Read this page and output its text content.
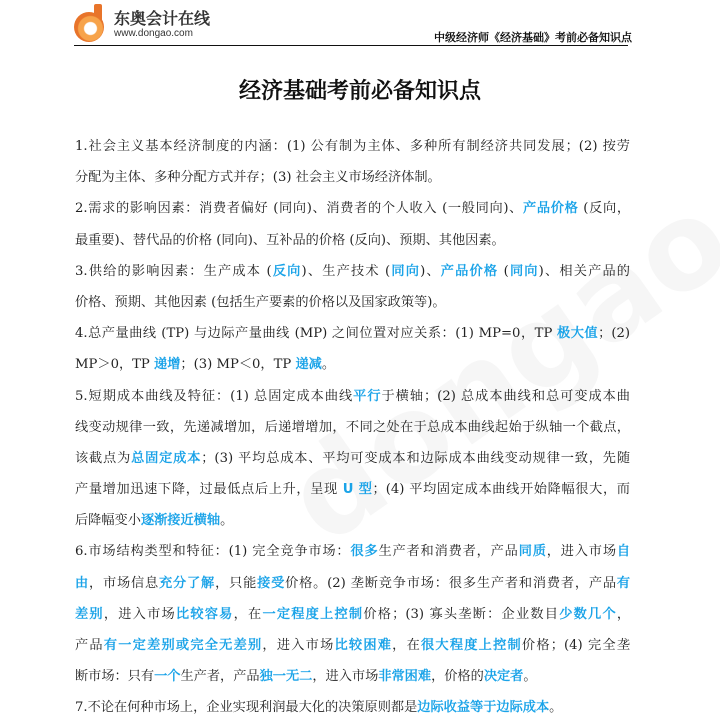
东奥会计在线
www.dongao.com	中级经济师《经济基础》考前必备知识点
经济基础考前必备知识点
1.社会主义基本经济制度的内涵：(1) 公有制为主体、多种所有制经济共同发展；(2) 按劳
分配为主体、多种分配方式并存；(3) 社会主义市场经济体制。
2.需求的影响因素：消费者偏好 (同向)、消费者的个人收入 (一般同向)、产品价格 (反向，
最重要)、替代品的价格 (同向)、互补品的价格 (反向)、预期、其他因素。
3.供给的影响因素：生产成本 (反向)、生产技术 (同向)、产品价格 (同向)、相关产品的
价格、预期、其他因素 (包括生产要素的价格以及国家政策等)。
4.总产量曲线 (TP) 与边际产量曲线 (MP) 之间位置对应关系：(1) MP=0，TP 极大值；(2)
MP＞0，TP 递增；(3) MP＜0，TP 递减。
5.短期成本曲线及特征：(1) 总固定成本曲线平行于横轴；(2) 总成本曲线和总可变成本曲
线变动规律一致，先递减增加，后递增增加，不同之处在于总成本曲线起始于纵轴一个截点，
该截点为总固定成本；(3) 平均总成本、平均可变成本和边际成本曲线变动规律一致，先随
产量增加迅速下降，过最低点后上升，呈现 U 型；(4) 平均固定成本曲线开始降幅很大，而
后降幅变小逐渐接近横轴。
6.市场结构类型和特征：(1) 完全竞争市场：很多生产者和消费者，产品同质，进入市场自
由，市场信息充分了解，只能接受价格。(2) 垄断竞争市场：很多生产者和消费者，产品有
差别，进入市场比较容易，在一定程度上控制价格；(3) 寡头垄断：企业数目少数几个，
产品有一定差别或完全无差别，进入市场比较困难，在很大程度上控制价格；(4) 完全垄
断市场：只有一个生产者，产品独一无二，进入市场非常困难，价格的决定者。
7.不论在何种市场上，企业实现利润最大化的决策原则都是边际收益等于边际成本。
